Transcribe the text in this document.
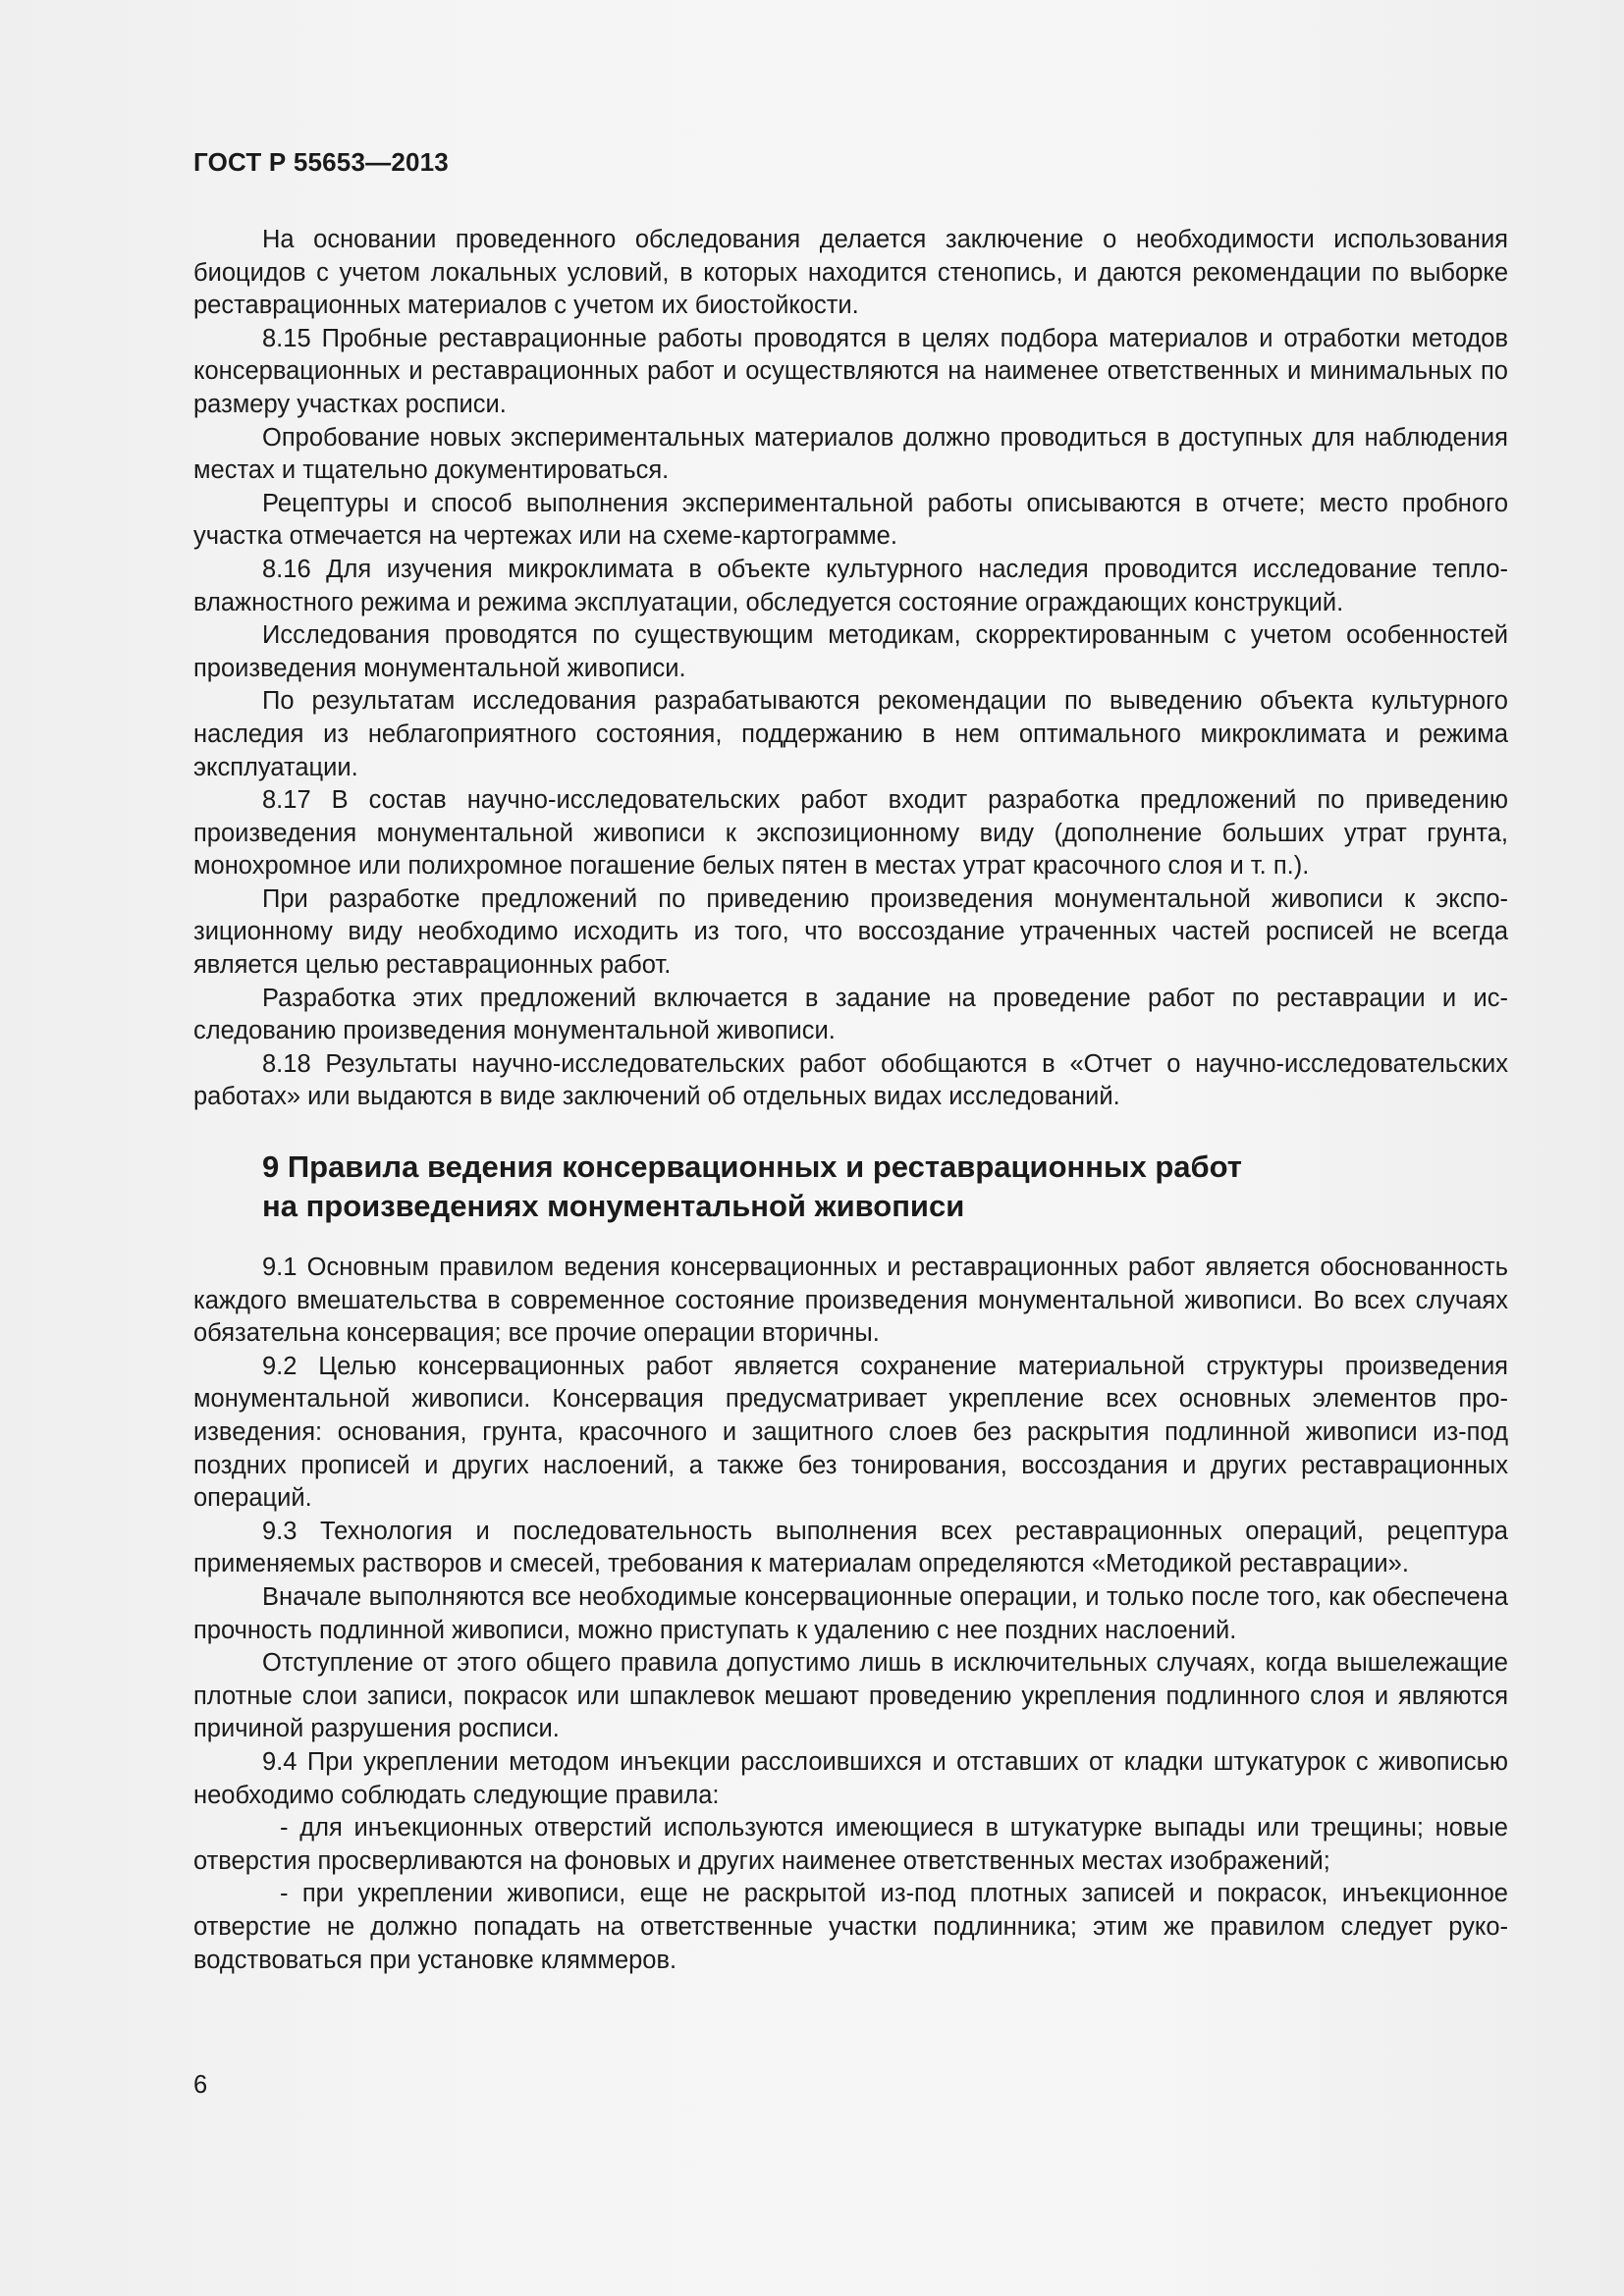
ГОСТ Р 55653—2013

На основании проведенного обследования делается заключение о необходимости использования биоцидов с учетом локальных условий, в которых находится стенопись, и даются рекомендации по выборке реставрационных материалов с учетом их биостойкости.

8.15 Пробные реставрационные работы проводятся в целях подбора материалов и отработки методов консервационных и реставрационных работ и осуществляются на наименее ответственных и минимальных по размеру участках росписи.

Опробование новых экспериментальных материалов должно проводиться в доступных для наблюдения местах и тщательно документироваться.

Рецептуры и способ выполнения экспериментальной работы описываются в отчете; место пробного участка отмечается на чертежах или на схеме-картограмме.

8.16 Для изучения микроклимата в объекте культурного наследия проводится исследование тепло-влажностного режима и режима эксплуатации, обследуется состояние ограждающих конструкций.

Исследования проводятся по существующим методикам, скорректированным с учетом особенностей произведения монументальной живописи.

По результатам исследования разрабатываются рекомендации по выведению объекта культурного наследия из неблагоприятного состояния, поддержанию в нем оптимального микроклимата и режима эксплуатации.

8.17 В состав научно-исследовательских работ входит разработка предложений по приведению произведения монументальной живописи к экспозиционному виду (дополнение больших утрат грунта, монохромное или полихромное погашение белых пятен в местах утрат красочного слоя и т. п.).

При разработке предложений по приведению произведения монументальной живописи к экспозиционному виду необходимо исходить из того, что воссоздание утраченных частей росписей не всегда является целью реставрационных работ.

Разработка этих предложений включается в задание на проведение работ по реставрации и исследованию произведения монументальной живописи.

8.18 Результаты научно-исследовательских работ обобщаются в «Отчет о научно-исследовательских работах» или выдаются в виде заключений об отдельных видах исследований.

9 Правила ведения консервационных и реставрационных работ
на произведениях монументальной живописи

9.1 Основным правилом ведения консервационных и реставрационных работ является обоснованность каждого вмешательства в современное состояние произведения монументальной живописи. Во всех случаях обязательна консервация; все прочие операции вторичны.

9.2 Целью консервационных работ является сохранение материальной структуры произведения монументальной живописи. Консервация предусматривает укрепление всех основных элементов произведения: основания, грунта, красочного и защитного слоев без раскрытия подлинной живописи из-под поздних прописей и других наслоений, а также без тонирования, воссоздания и других реставрационных операций.

9.3 Технология и последовательность выполнения всех реставрационных операций, рецептура применяемых растворов и смесей, требования к материалам определяются «Методикой реставрации».

Вначале выполняются все необходимые консервационные операции, и только после того, как обеспечена прочность подлинной живописи, можно приступать к удалению с нее поздних наслоений.

Отступление от этого общего правила допустимо лишь в исключительных случаях, когда вышележащие плотные слои записи, покрасок или шпаклевок мешают проведению укрепления подлинного слоя и являются причиной разрушения росписи.

9.4 При укреплении методом инъекции расслоившихся и отставших от кладки штукатурок с живописью необходимо соблюдать следующие правила:

- для инъекционных отверстий используются имеющиеся в штукатурке выпады или трещины; новые отверстия просверливаются на фоновых и других наименее ответственных местах изображений;

- при укреплении живописи, еще не раскрытой из-под плотных записей и покрасок, инъекционное отверстие не должно попадать на ответственные участки подлинника; этим же правилом следует руководствоваться при установке кляммеров.

6
